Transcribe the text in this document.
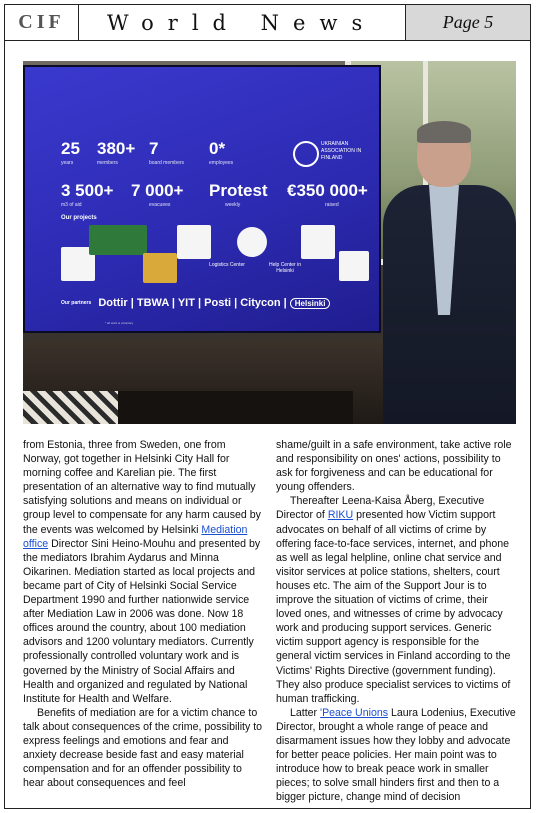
CIF	World News	Page 5
25
years
380+
members
7
board members
0*
employees
UKRAINIAN ASSOCIATION IN FINLAND
3 500+
m3 of aid
7 000+
evacuees
Protest
weekly
€350 000+
raised
Our projects
Logistics Center	Help Center in Helsinki
Our partners Dottir | TBWA | YIT | Posti | Citycon | Helsinki
* all work is voluntary

from Estonia, three from Sweden, one from Norway, got together in Helsinki City Hall for morning coffee and Karelian pie. The first presentation of an alternative way to find mutually satisfying solutions and means on individual or group level to compensate for any harm caused by the events was welcomed by Helsinki Mediation office Director Sini Heino-Mouhu and presented by the mediators Ibrahim Aydarus and Minna Oikarinen. Mediation started as local projects and became part of City of Helsinki Social Service Department 1990 and further nationwide service after Mediation Law in 2006 was done. Now 18 offices around the country, about 100 mediation advisors and 1200 voluntary mediators. Currently professionally controlled voluntary work and is governed by the Ministry of Social Affairs and Health and organized and regulated by National Institute for Health and Welfare.

Benefits of mediation are for a victim chance to talk about consequences of the crime, possibility to express feelings and emotions and fear and anxiety decrease beside fast and easy material compensation and for an offender possibility to hear about consequences and feel

shame/guilt in a safe environment, take active role and responsibility on ones' actions, possibility to ask for forgiveness and can be educational for young offenders.

Thereafter Leena-Kaisa Åberg, Executive Director of RIKU presented how Victim support advocates on behalf of all victims of crime by offering face-to-face services, internet, and phone as well as legal helpline, online chat service and visitor services at police stations, shelters, court houses etc. The aim of the Support Jour is to improve the situation of victims of crime, their loved ones, and witnesses of crime by advocacy work and producing support services. Generic victim support agency is responsible for the general victim services in Finland according to the Victims' Rights Directive (government funding). They also produce specialist services to victims of human trafficking.

Latter 'Peace Unions Laura Lodenius, Executive Director, brought a whole range of peace and disarmament issues how they lobby and advocate for better peace policies. Her main point was to introduce how to break peace work in smaller pieces; to solve small hinders first and then to a bigger picture, change mind of decision
